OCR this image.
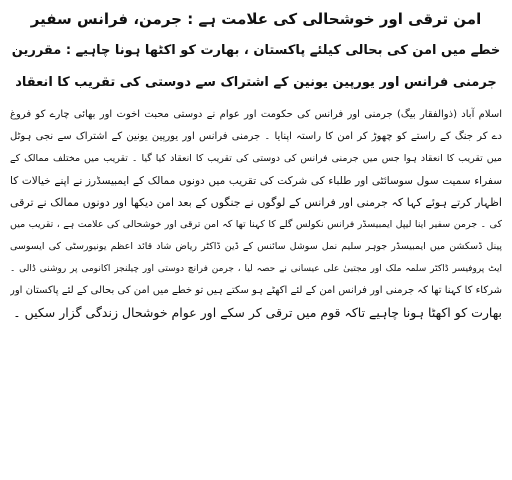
امن ترقی اور خوشحالی کی علامت ہے : جرمن، فرانس سفیر
خطے میں امن کی بحالی کیلئے پاکستان ، بھارت کو اکٹھا ہونا چاہیے : مقررین
جرمنی فرانس اور یورپین یونین کے اشتراک سے دوستی کی تقریب کا انعقاد

اسلام آباد (ذوالفقار بیگ) جرمنی اور فرانس کی حکومت اور عوام نے دوستی محبت اخوت اور بھائی چارے کو فروغ

دے کر جنگ کے راستے کو چھوڑ کر امن کا راستہ اپنایا ۔ جرمنی فرانس اور یورپین یونین کے اشتراک سے نجی ہوٹل

میں تقریب کا انعقاد ہوا جس میں جرمنی فرانس کی دوستی کی تقریب کا انعقاد کیا گیا ۔ تقریب میں مختلف ممالک کے

سفراء سمیت سول سوسائٹی اور طلباء کی شرکت کی تقریب میں دونوں ممالک کے ایمبیسڈرز نے اپنے خیالات کا

اظہار کرتے ہوئے کہا کہ جرمنی اور فرانس کے لوگوں نے جنگوں کے بعد امن دیکھا اور دونوں ممالک نے ترقی

کی ۔ جرمن سفیر اینا لیپل ایمبیسڈر فرانس نکولس گلے کا کہنا تھا کہ امن ترقی اور خوشحالی کی علامت ہے ، تقریب میں

پینل ڈسکشن میں ایمبیسڈر جوہر سلیم نمل سوشل سائنس کے ڈین ڈاکٹر ریاض شاد قائد اعظم یونیورسٹی کی ایسوسی

ایٹ پروفیسر ڈاکٹر سلمہ ملک اور مجتبیٰ علی عیسانی نے حصہ لیا ، جرمن فرانچ دوستی اور چیلنجز اکانومی پر روشنی ڈالی ۔

شرکاء کا کہنا تھا کہ جرمنی اور فرانس امن کے لئے اکھٹے ہو سکتے ہیں تو خطے میں امن کی بحالی کے لئے پاکستان اور

بھارت کو اکھٹا ہونا چاہیے تاکہ قوم میں ترقی کر سکے اور عوام خوشحال زندگی گزار سکیں ۔
